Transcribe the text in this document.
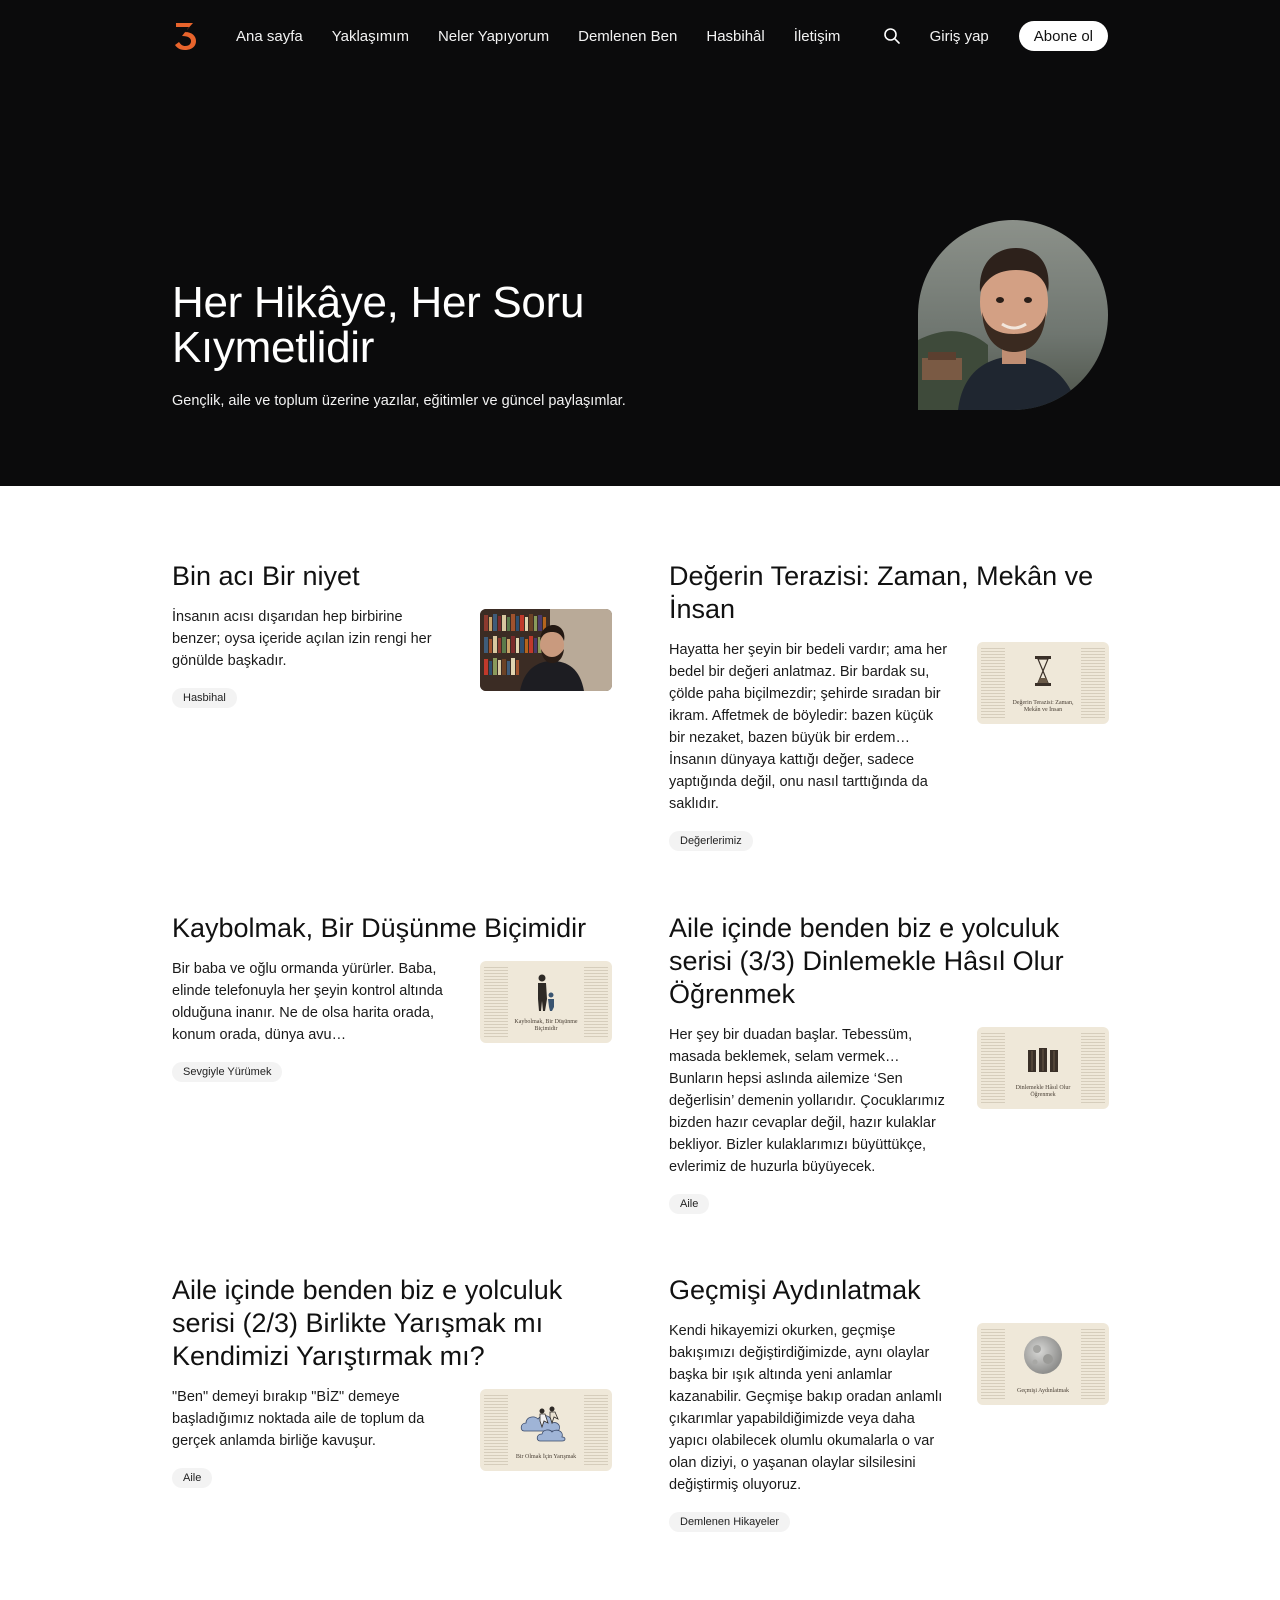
Ana sayfa Yaklaşımım Neler Yapıyorum Demlenen Ben Hasbihâl İletişim	Giriş yap	Abone ol
Her Hikâye, Her Soru
Kıymetlidir

Gençlik, aile ve toplum üzerine yazılar, eğitimler ve güncel paylaşımlar.

Bin acı Bir niyet

İnsanın acısı dışarıdan hep birbirine benzer; oysa içeride açılan izin rengi her gönülde başkadır.

Hasbihal
Değerin Terazisi: Zaman, Mekân ve İnsan

Hayatta her şeyin bir bedeli vardır; ama her bedel bir değeri anlatmaz. Bir bardak su, çölde paha biçilmezdir; şehirde sıradan bir ikram. Affetmek de böyledir: bazen küçük bir nezaket, bazen büyük bir erdem… İnsanın dünyaya kattığı değer, sadece yaptığında değil, onu nasıl tarttığında da saklıdır.

Değerlerimiz
Değerin Terazisi: Zaman, Mekân ve İnsan
Kaybolmak, Bir Düşünme Biçimidir

Bir baba ve oğlu ormanda yürürler. Baba, elinde telefonuyla her şeyin kontrol altında olduğuna inanır. Ne de olsa harita orada, konum orada, dünya avu…

Sevgiyle Yürümek
Kaybolmak, Bir Düşünme Biçimidir
Aile içinde benden biz e yolculuk serisi (3/3) Dinlemekle Hâsıl Olur Öğrenmek

Her şey bir duadan başlar. Tebessüm, masada beklemek, selam vermek… Bunların hepsi aslında ailemize ‘Sen değerlisin’ demenin yollarıdır. Çocuklarımız bizden hazır cevaplar değil, hazır kulaklar bekliyor. Bizler kulaklarımızı büyüttükçe, evlerimiz de huzurla büyüyecek.

Aile
Dinlemekle Hâsıl Olur Öğrenmek
Aile içinde benden biz e yolculuk serisi (2/3) Birlikte Yarışmak mı Kendimizi Yarıştırmak mı?

"Ben" demeyi bırakıp "BİZ" demeye başladığımız noktada aile de toplum da gerçek anlamda birliğe kavuşur.

Aile
Bir Olmak İçin Yarışmak
Geçmişi Aydınlatmak

Kendi hikayemizi okurken, geçmişe bakışımızı değiştirdiğimizde, aynı olaylar başka bir ışık altında yeni anlamlar kazanabilir. Geçmişe bakıp oradan anlamlı çıkarımlar yapabildiğimizde veya daha yapıcı olabilecek olumlu okumalarla o var olan diziyi, o yaşanan olaylar silsilesini değiştirmiş oluyoruz.

Demlenen Hikayeler
Geçmişi Aydınlatmak
